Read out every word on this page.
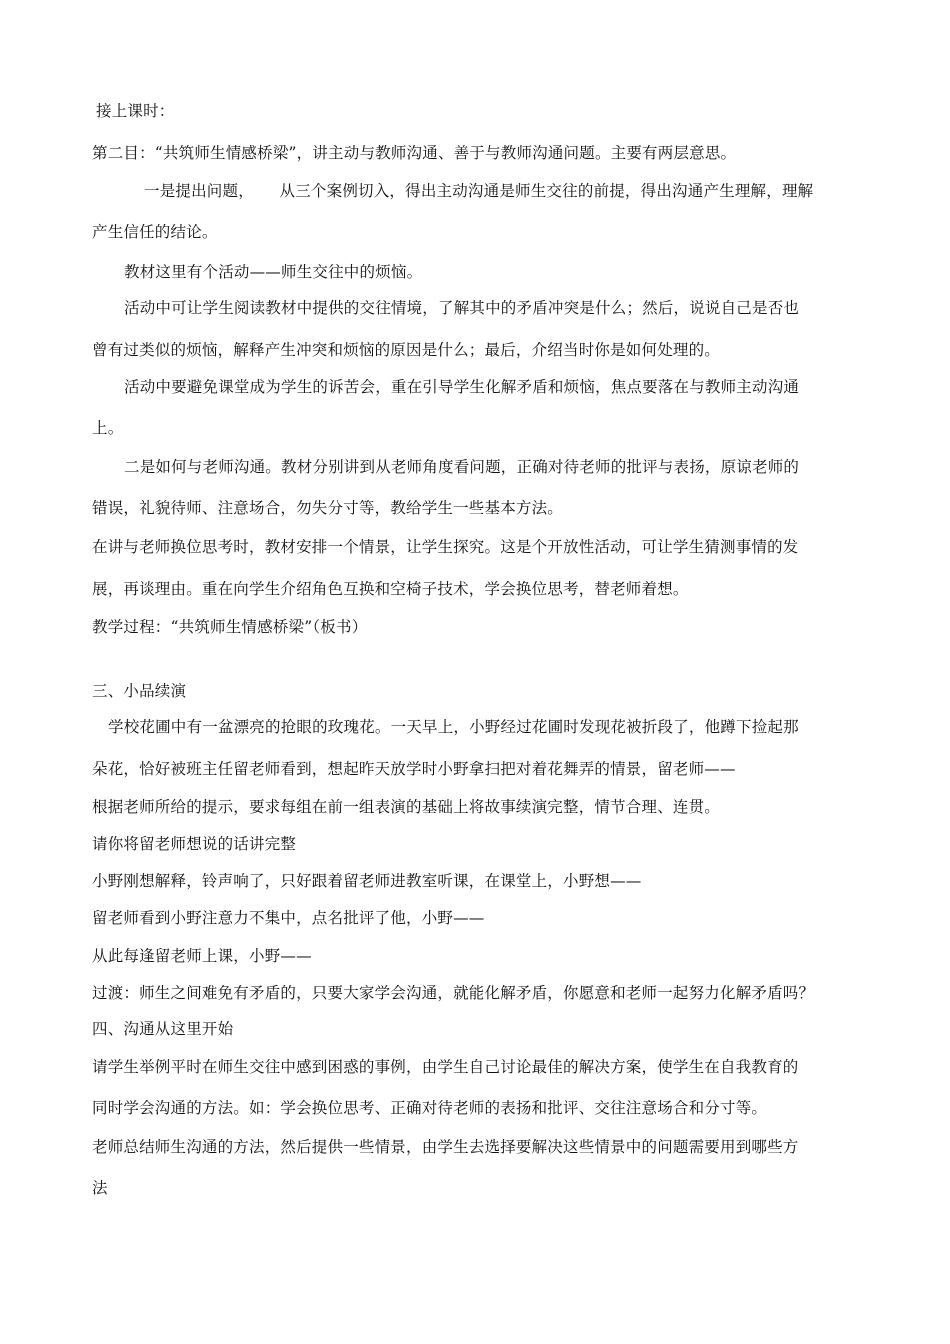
接上课时：
第二目：“共筑师生情感桥梁”，讲主动与教师沟通、善于与教师沟通问题。主要有两层意思。
一是提出问题，     从三个案例切入，得出主动沟通是师生交往的前提，得出沟通产生理解，理解
产生信任的结论。
教材这里有个活动——师生交往中的烦恼。
活动中可让学生阅读教材中提供的交往情境，了解其中的矛盾冲突是什么；然后，说说自己是否也
曾有过类似的烦恼，解释产生冲突和烦恼的原因是什么；最后，介绍当时你是如何处理的。
活动中要避免课堂成为学生的诉苦会，重在引导学生化解矛盾和烦恼，焦点要落在与教师主动沟通
上。
二是如何与老师沟通。教材分别讲到从老师角度看问题，正确对待老师的批评与表扬，原谅老师的
错误，礼貌待师、注意场合，勿失分寸等，教给学生一些基本方法。
在讲与老师换位思考时，教材安排一个情景，让学生探究。这是个开放性活动，可让学生猜测事情的发
展，再谈理由。重在向学生介绍角色互换和空椅子技术，学会换位思考，替老师着想。
教学过程：“共筑师生情感桥梁”（板书）
三、小品续演
学校花圃中有一盆漂亮的抢眼的玫瑰花。一天早上，小野经过花圃时发现花被折段了，他蹲下捡起那
朵花，恰好被班主任留老师看到，想起昨天放学时小野拿扫把对着花舞弄的情景，留老师——
根据老师所给的提示，要求每组在前一组表演的基础上将故事续演完整，情节合理、连贯。
请你将留老师想说的话讲完整
小野刚想解释，铃声响了，只好跟着留老师进教室听课，在课堂上，小野想——
留老师看到小野注意力不集中，点名批评了他，小野——
从此每逢留老师上课，小野——
过渡：师生之间难免有矛盾的，只要大家学会沟通，就能化解矛盾，你愿意和老师一起努力化解矛盾吗？
四、沟通从这里开始
请学生举例平时在师生交往中感到困惑的事例，由学生自己讨论最佳的解决方案，使学生在自我教育的
同时学会沟通的方法。如：学会换位思考、正确对待老师的表扬和批评、交往注意场合和分寸等。
老师总结师生沟通的方法，然后提供一些情景，由学生去选择要解决这些情景中的问题需要用到哪些方
法
